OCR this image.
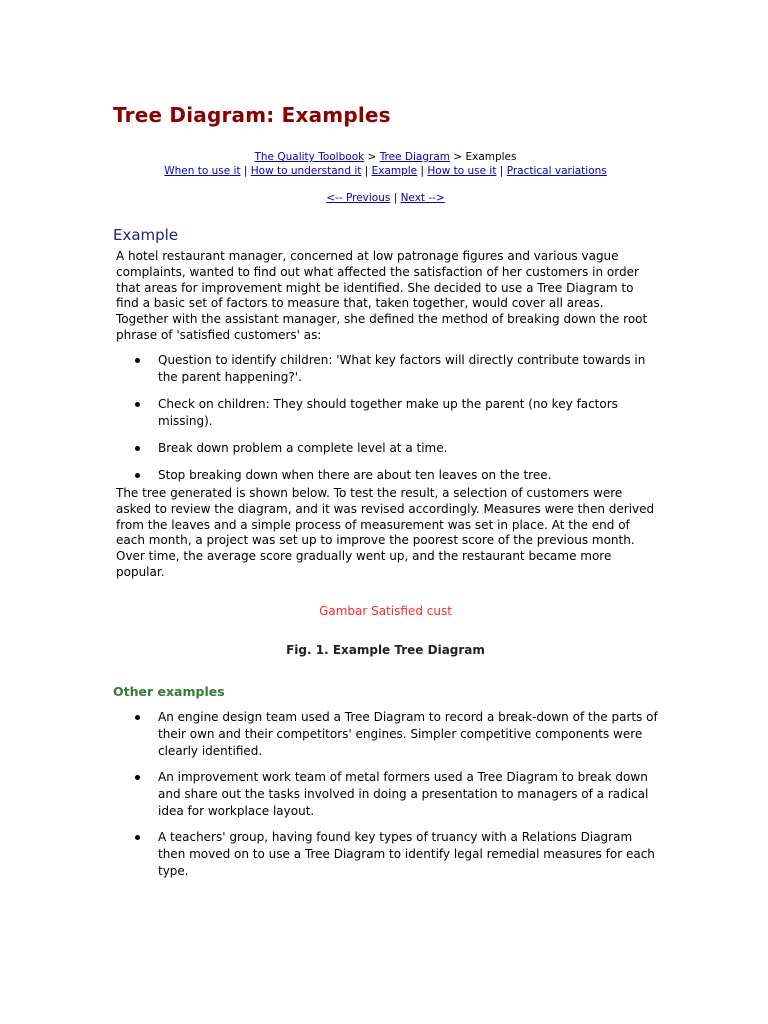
Tree Diagram: Examples
The Quality Toolbook > Tree Diagram > Examples
When to use it | How to understand it | Example | How to use it | Practical variations
<-- Previous | Next -->
Example

A hotel restaurant manager, concerned at low patronage figures and various vague complaints, wanted to find out what affected the satisfaction of her customers in order that areas for improvement might be identified. She decided to use a Tree Diagram to find a basic set of factors to measure that, taken together, would cover all areas. Together with the assistant manager, she defined the method of breaking down the root phrase of 'satisfied customers' as:

Question to identify children: 'What key factors will directly contribute towards in the parent happening?'.
Check on children: They should together make up the parent (no key factors missing).
Break down problem a complete level at a time.
Stop breaking down when there are about ten leaves on the tree.

The tree generated is shown below. To test the result, a selection of customers were asked to review the diagram, and it was revised accordingly. Measures were then derived from the leaves and a simple process of measurement was set in place. At the end of each month, a project was set up to improve the poorest score of the previous month. Over time, the average score gradually went up, and the restaurant became more popular.

Gambar Satisfied cust
Fig. 1. Example Tree Diagram
Other examples
An engine design team used a Tree Diagram to record a break-down of the parts of their own and their competitors' engines. Simpler competitive components were clearly identified.
An improvement work team of metal formers used a Tree Diagram to break down and share out the tasks involved in doing a presentation to managers of a radical idea for workplace layout.
A teachers' group, having found key types of truancy with a Relations Diagram then moved on to use a Tree Diagram to identify legal remedial measures for each type.
